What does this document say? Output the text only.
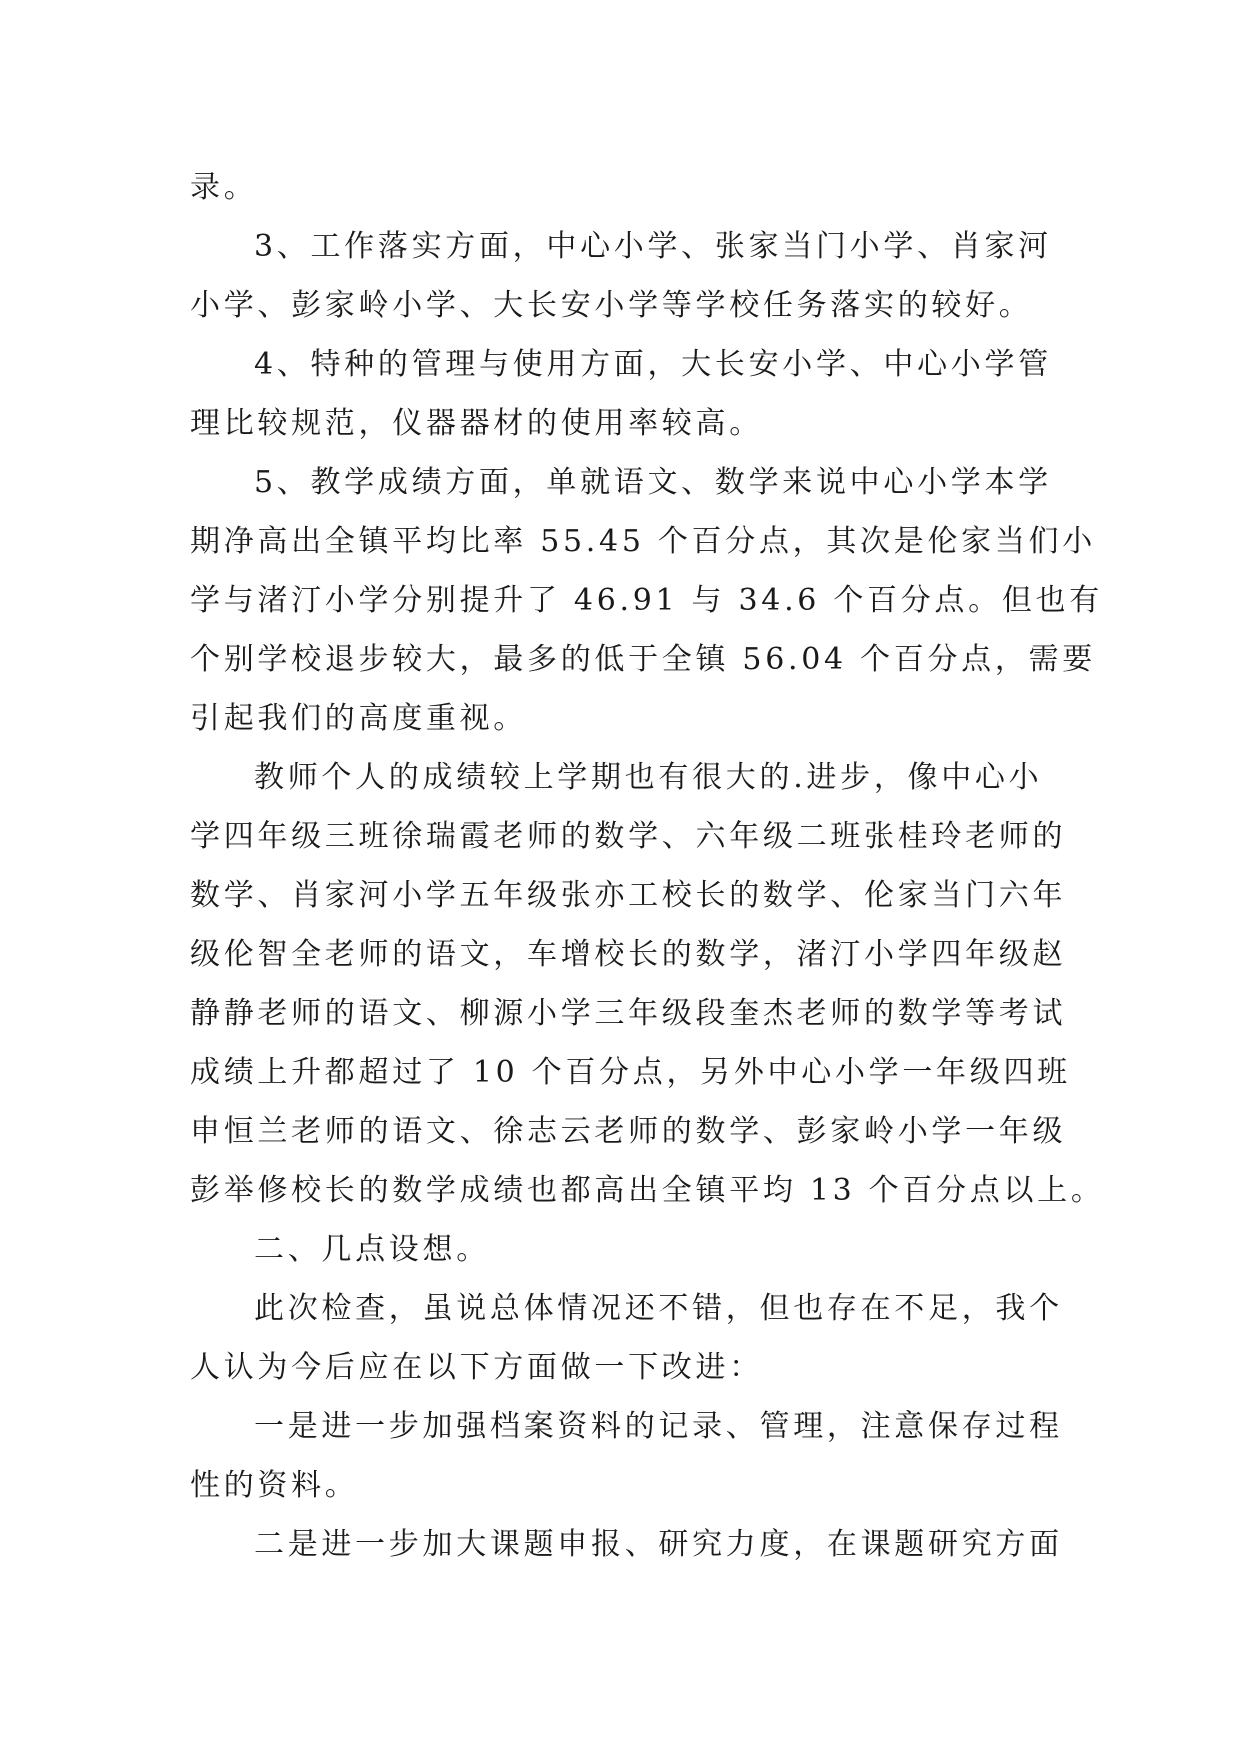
录。
3、工作落实方面，中心小学、张家当门小学、肖家河
小学、彭家岭小学、大长安小学等学校任务落实的较好。
4、特种的管理与使用方面，大长安小学、中心小学管
理比较规范，仪器器材的使用率较高。
5、教学成绩方面，单就语文、数学来说中心小学本学
期净高出全镇平均比率 55.45 个百分点，其次是伦家当们小
学与渚汀小学分别提升了 46.91 与 34.6 个百分点。但也有
个别学校退步较大，最多的低于全镇 56.04 个百分点，需要
引起我们的高度重视。
教师个人的成绩较上学期也有很大的.进步，像中心小
学四年级三班徐瑞霞老师的数学、六年级二班张桂玲老师的
数学、肖家河小学五年级张亦工校长的数学、伦家当门六年
级伦智全老师的语文，车增校长的数学，渚汀小学四年级赵
静静老师的语文、柳源小学三年级段奎杰老师的数学等考试
成绩上升都超过了 10 个百分点，另外中心小学一年级四班
申恒兰老师的语文、徐志云老师的数学、彭家岭小学一年级
彭举修校长的数学成绩也都高出全镇平均 13 个百分点以上。
二、几点设想。
此次检查，虽说总体情况还不错，但也存在不足，我个
人认为今后应在以下方面做一下改进：
一是进一步加强档案资料的记录、管理，注意保存过程
性的资料。
二是进一步加大课题申报、研究力度，在课题研究方面
